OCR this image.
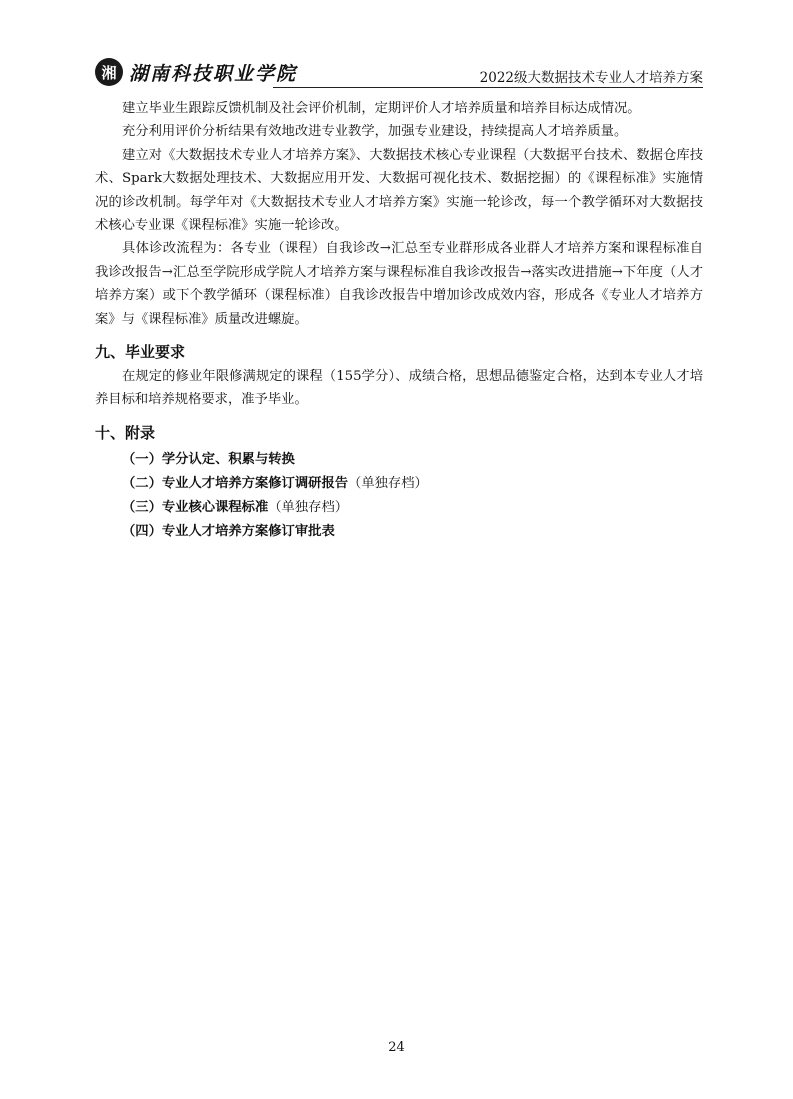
湘 湖南科技职业学院	2022级大数据技术专业人才培养方案

建立毕业生跟踪反馈机制及社会评价机制，定期评价人才培养质量和培养目标达成情况。

充分利用评价分析结果有效地改进专业教学，加强专业建设，持续提高人才培养质量。

建立对《大数据技术专业人才培养方案》、大数据技术核心专业课程（大数据平台技术、数据仓库技术、Spark大数据处理技术、大数据应用开发、大数据可视化技术、数据挖掘）的《课程标准》实施情况的诊改机制。每学年对《大数据技术专业人才培养方案》实施一轮诊改，每一个教学循环对大数据技术核心专业课《课程标准》实施一轮诊改。

具体诊改流程为：各专业（课程）自我诊改→汇总至专业群形成各业群人才培养方案和课程标准自我诊改报告→汇总至学院形成学院人才培养方案与课程标准自我诊改报告→落实改进措施→下年度（人才培养方案）或下个教学循环（课程标准）自我诊改报告中增加诊改成效内容，形成各《专业人才培养方案》与《课程标准》质量改进螺旋。

九、毕业要求

在规定的修业年限修满规定的课程（155学分）、成绩合格，思想品德鉴定合格，达到本专业人才培养目标和培养规格要求，准予毕业。

十、附录
（一）学分认定、积累与转换
（二）专业人才培养方案修订调研报告（单独存档）
（三）专业核心课程标准（单独存档）
（四）专业人才培养方案修订审批表
24
